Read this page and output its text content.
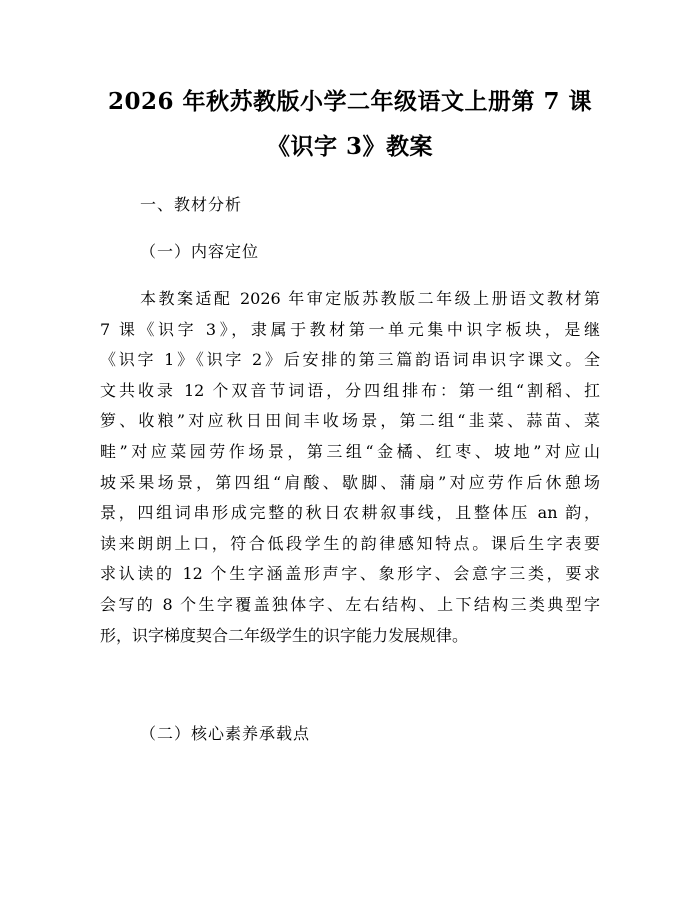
2026 年秋苏教版小学二年级语文上册第 7 课
《识字 3》教案
一、教材分析
（一）内容定位
本教案适配 2026 年审定版苏教版二年级上册语文教材第
7 课《识字 3》，隶属于教材第一单元集中识字板块，是继
《识字 1》《识字 2》后安排的第三篇韵语词串识字课文。全
文共收录 12 个双音节词语，分四组排布：第一组“割稻、扛
箩、收粮”对应秋日田间丰收场景，第二组“韭菜、蒜苗、菜
畦”对应菜园劳作场景，第三组“金橘、红枣、坡地”对应山
坡采果场景，第四组“肩酸、歇脚、蒲扇”对应劳作后休憩场
景，四组词串形成完整的秋日农耕叙事线，且整体压 an 韵，
读来朗朗上口，符合低段学生的韵律感知特点。课后生字表要
求认读的 12 个生字涵盖形声字、象形字、会意字三类，要求
会写的 8 个生字覆盖独体字、左右结构、上下结构三类典型字
形，识字梯度契合二年级学生的识字能力发展规律。
（二）核心素养承载点
